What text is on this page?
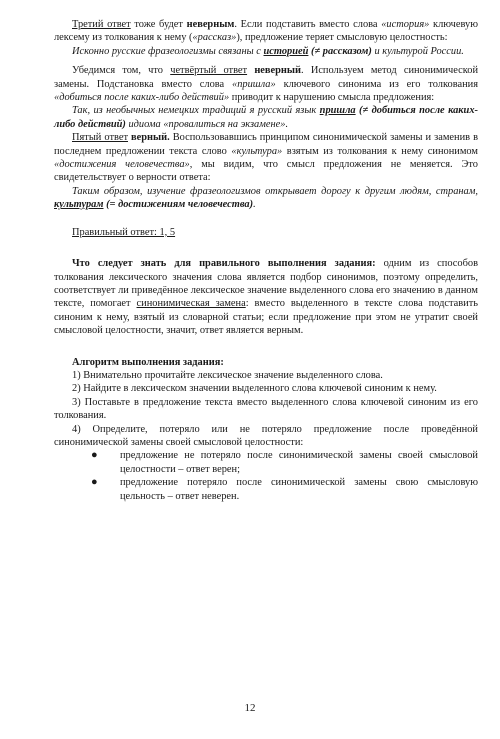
Третий ответ тоже будет неверным. Если подставить вместо слова «история» ключевую лексему из толкования к нему («рассказ»), предложение теряет смысловую целостность:

Исконно русские фразеологизмы связаны с историей (≠ рассказом) и культурой России.

Убедимся том, что четвёртый ответ неверный. Используем метод синонимической замены. Подстановка вместо слова «пришла» ключевого синонима из его толкования «добиться после каких-либо действий» приводит к нарушению смысла предложения:

Так, из необычных немецких традиций я русский язык пришла (≠ добиться после каких-либо действий) идиома «провалиться на экзамене».

Пятый ответ верный. Воспользовавшись принципом синонимической замены и заменив в последнем предложении текста слово «культура» взятым из толкования к нему синонимом «достижения человечества», мы видим, что смысл предложения не меняется. Это свидетельствует о верности ответа:

Таким образом, изучение фразеологизмов открывает дорогу к другим людям, странам, культурам (= достижениям человечества).

Правильный ответ: 1, 5

Что следует знать для правильного выполнения задания: одним из способов толкования лексического значения слова является подбор синонимов, поэтому определить, соответствует ли приведённое лексическое значение выделенного слова его значению в данном тексте, помогает синонимическая замена: вместо выделенного в тексте слова подставить синоним к нему, взятый из словарной статьи; если предложение при этом не утратит своей смысловой целостности, значит, ответ является верным.

Алгоритм выполнения задания:

1) Внимательно прочитайте лексическое значение выделенного слова.

2) Найдите в лексическом значении выделенного слова ключевой синоним к нему.

3) Поставьте в предложение текста вместо выделенного слова ключевой синоним из его толкования.

4) Определите, потеряло или не потеряло предложение после проведённой синонимической замены своей смысловой целостности:

● предложение не потеряло после синонимической замены своей смысловой целостности – ответ верен;
● предложение потеряло после синонимической замены свою смысловую цельность – ответ неверен.
12
